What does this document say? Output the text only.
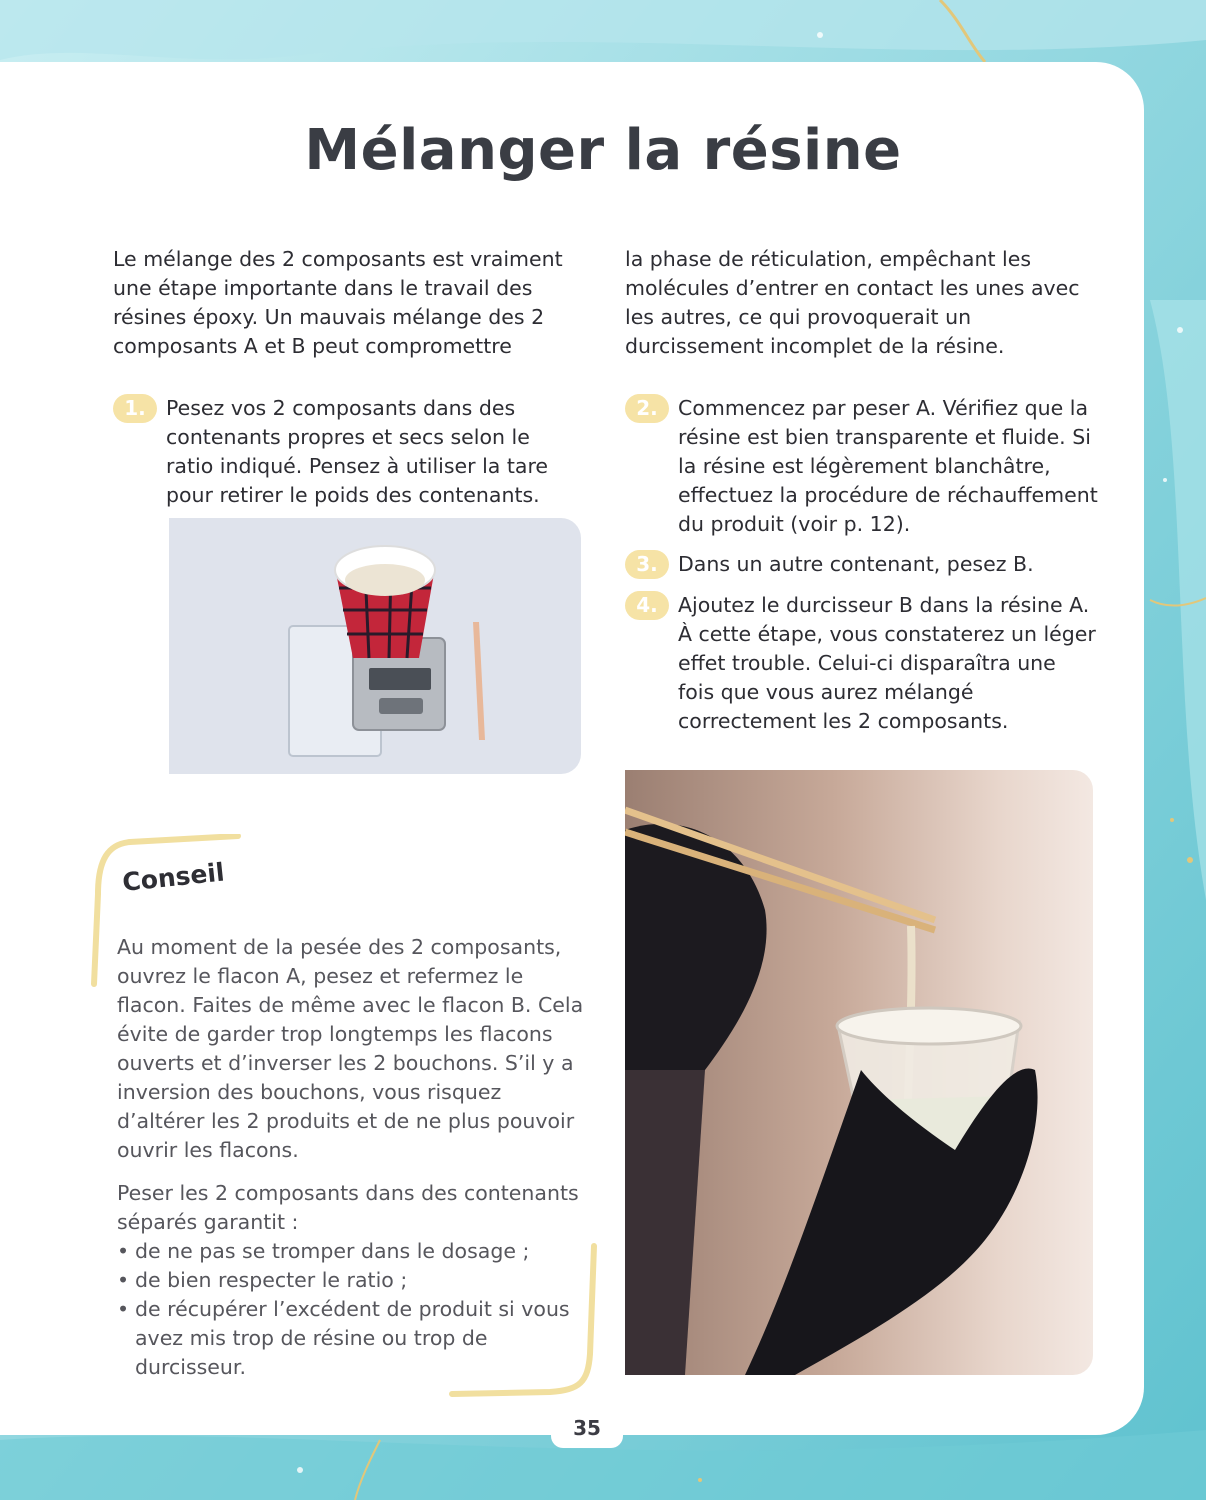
Mélanger la résine

Le mélange des 2 composants est vraiment une étape importante dans le travail des résines époxy. Un mauvais mélange des 2 composants A et B peut compromettre

la phase de réticulation, empêchant les molécules d’entrer en contact les unes avec les autres, ce qui provoquerait un durcissement incomplet de la résine.

1. Pesez vos 2 composants dans des contenants propres et secs selon le ratio indiqué. Pensez à utiliser la tare pour retirer le poids des contenants.

2. Commencez par peser A. Vérifiez que la résine est bien transparente et fluide. Si la résine est légèrement blanchâtre, effectuez la procédure de réchauffement du produit (voir p. 12).

3. Dans un autre contenant, pesez B.

4. Ajoutez le durcisseur B dans la résine A. À cette étape, vous constaterez un léger effet trouble. Celui-ci disparaîtra une fois que vous aurez mélangé correctement les 2 composants.

Conseil

Au moment de la pesée des 2 composants, ouvrez le flacon A, pesez et refermez le flacon. Faites de même avec le flacon B. Cela évite de garder trop longtemps les flacons ouverts et d’inverser les 2 bouchons. S’il y a inversion des bouchons, vous risquez d’altérer les 2 produits et de ne plus pouvoir ouvrir les flacons.

Peser les 2 composants dans des contenants séparés garantit :

• de ne pas se tromper dans le dosage ;
• de bien respecter le ratio ;
• de récupérer l’excédent de produit si vous avez mis trop de résine ou trop de durcisseur.
35
